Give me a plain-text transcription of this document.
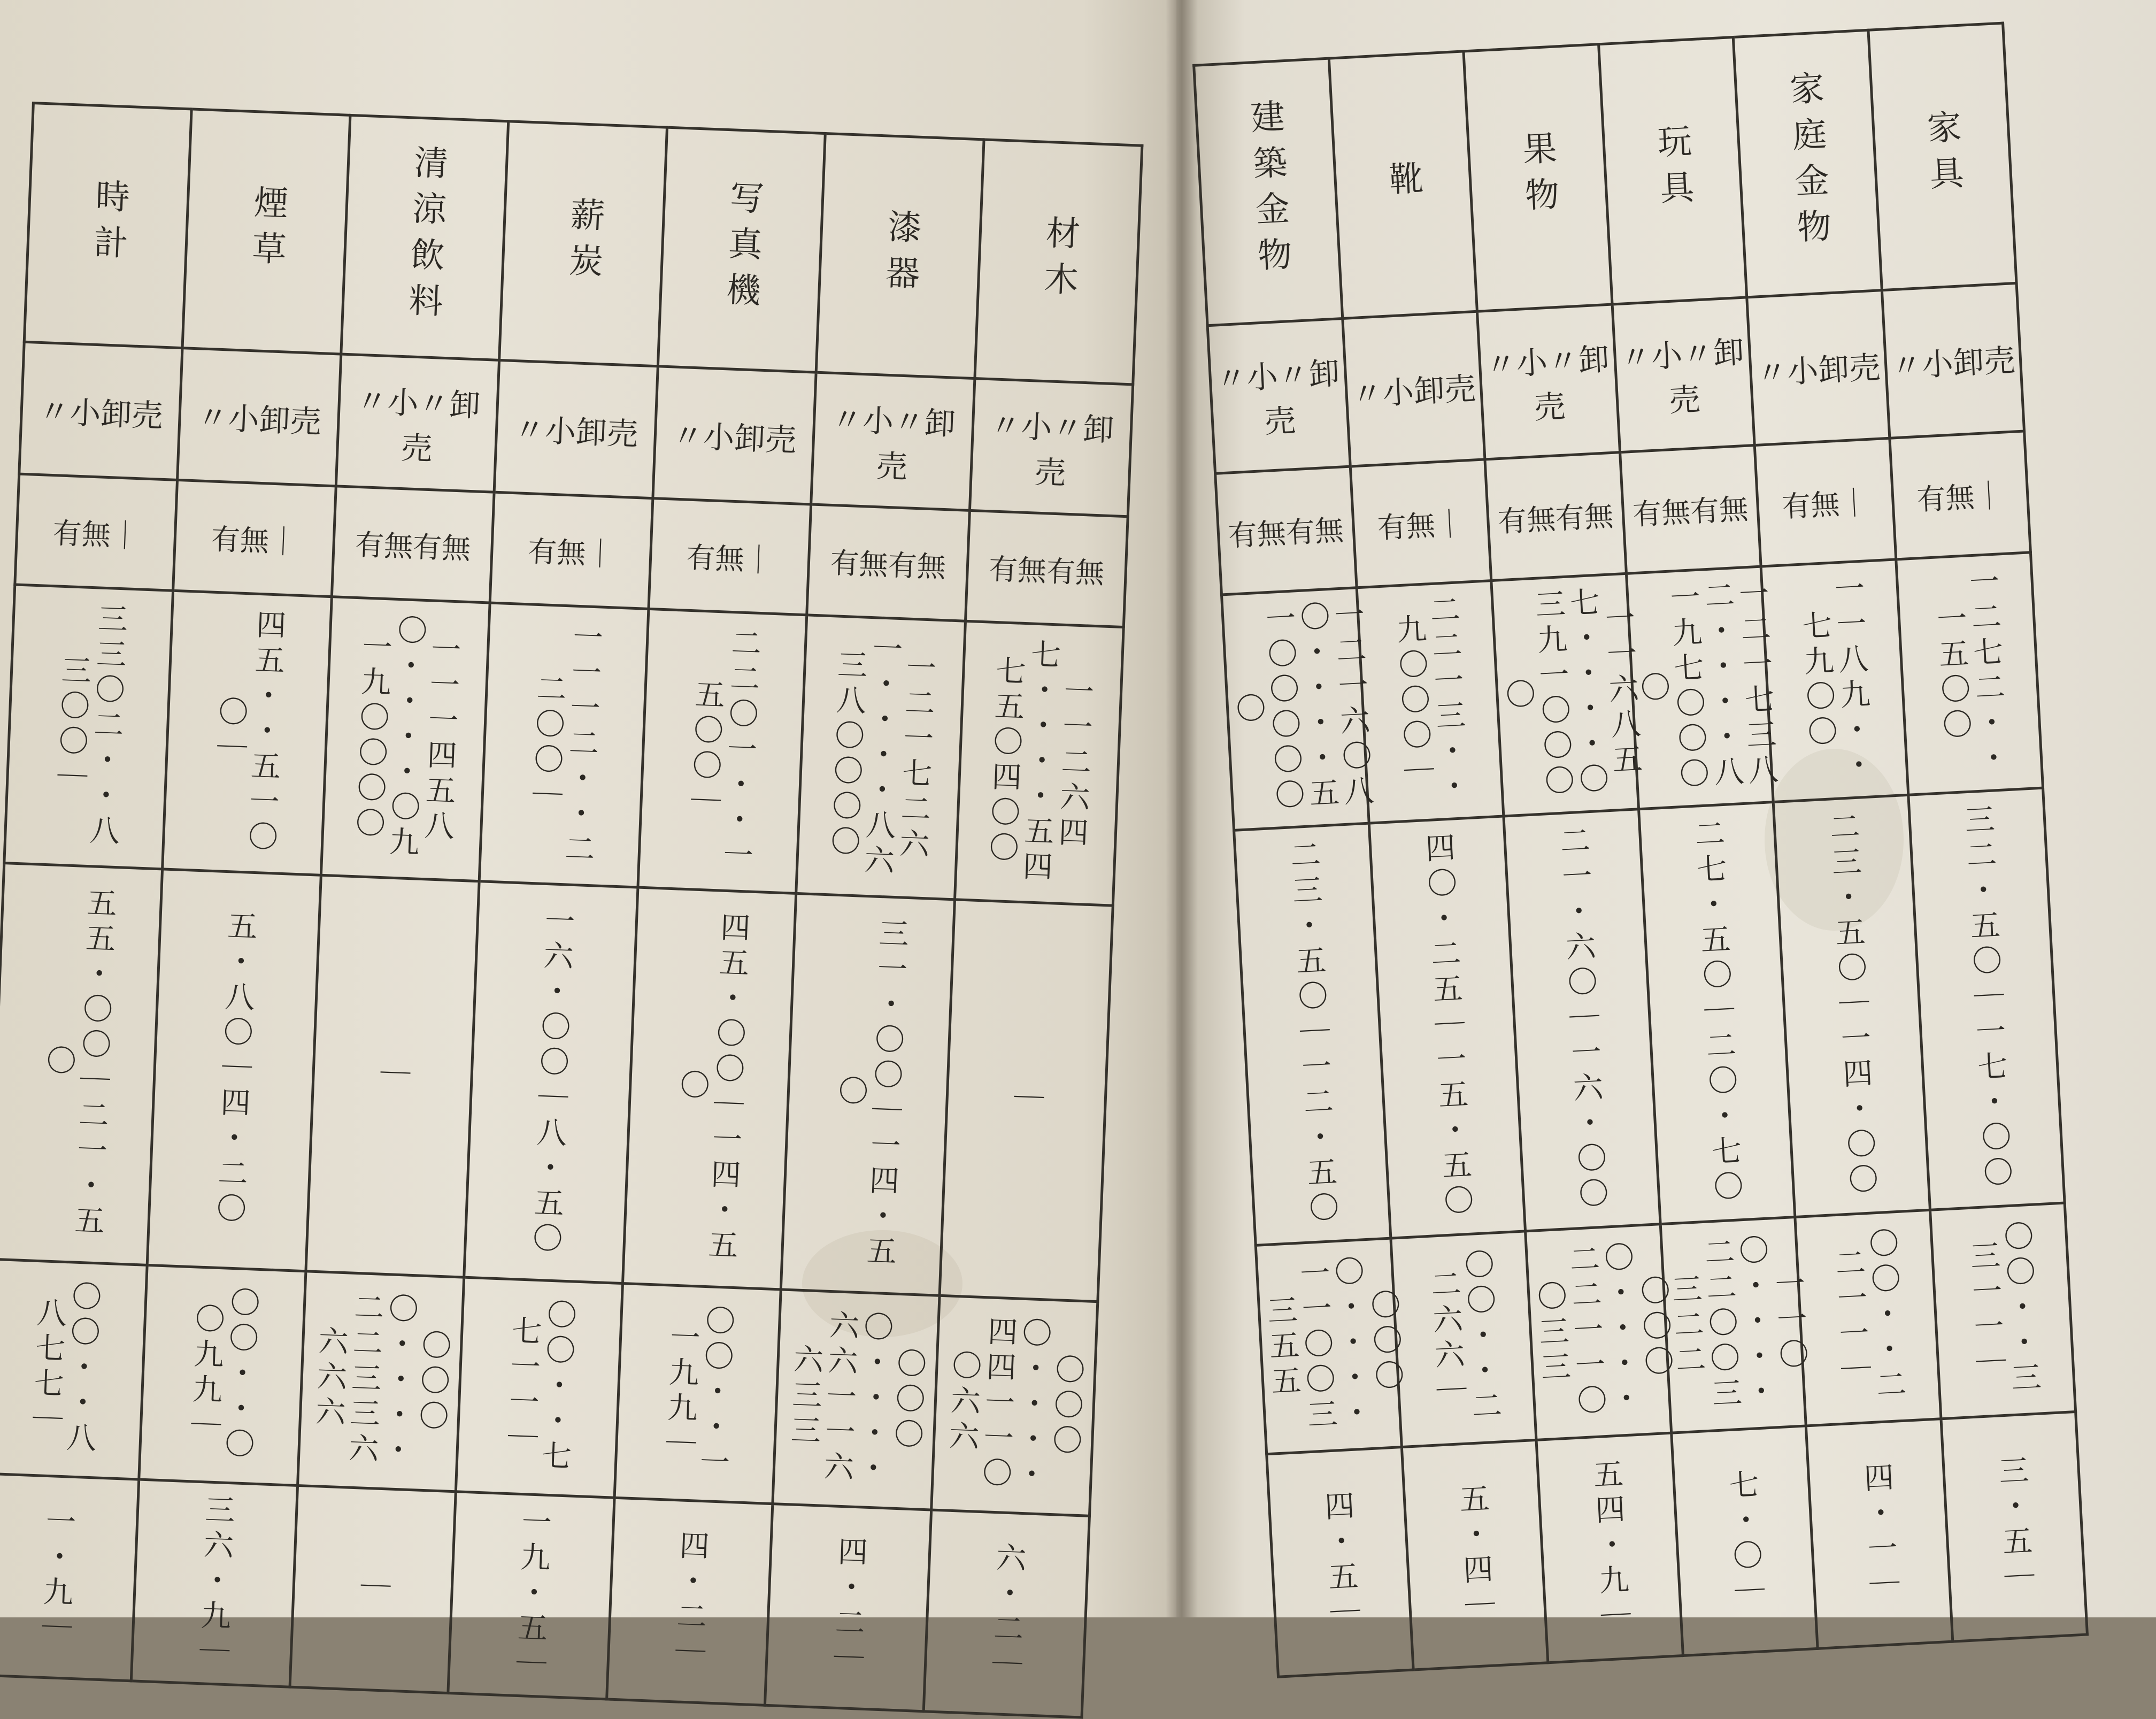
時計	煙草	清涼飲料	薪炭	写真機	漆器	材木
〃小卸売	〃小卸売	〃小〃卸売	〃小卸売	〃小卸売	〃小〃卸売	〃小〃卸売
有無｜	有無｜	有無有無	有無｜	有無｜	有無有無	有無有無
三三〇二・・八三〇〇｜	四五・・五一〇〇｜	一一一四五八〇・・・・〇九一九〇〇〇〇	一一一二・・二二〇〇｜	二二〇一・・一五〇〇｜	一二一七二六一・・・・八六三八〇〇〇〇	一一二六四七・・・・五四七五〇四〇〇
五五・〇〇｜二一・五〇	五・八〇｜四・二〇	｜	一六・〇〇｜八・五〇	四五・〇〇｜一四・五〇	三一・〇〇｜一四・五〇	｜
〇〇・・八八七七｜	〇〇・・〇〇九九｜	〇〇〇〇・・・・二二三三六六六六	〇〇・・七七一一｜	〇〇・・一一九九｜	〇〇〇〇・・・・六六一一六六三三	〇〇〇〇・・・・四四一一〇〇六六
一・九｜	三六・九｜	｜	一九・五｜	四・二｜	四・二｜	六・二｜
建築金物	靴	果物	玩具	家庭金物	家具
〃小〃卸売	〃小卸売	〃小〃卸売	〃小〃卸売	〃小卸売	〃小卸売
有無有無	有無｜	有無有無	有無有無	有無｜	有無｜
一二一六〇八〇・・・・五一〇〇〇〇〇〇	二二一三・・九〇〇〇｜	一一六八五七・・・・〇三九一〇〇〇〇	一二一七三八二・・・・八一九七〇〇〇〇	一一八九・・七九〇〇	一二七二・・一五〇〇
二三・五〇｜一二・五〇	四〇・二五｜一五・五〇	二一・六〇｜一六・〇〇	二七・五〇｜二〇・七〇	二三・五〇｜一四・〇〇	三二・五〇｜一七・〇〇
〇〇〇〇・・・・一一〇〇三三五五	〇〇・・二二六六｜	〇〇〇〇・・・・二二一一〇〇三三	一一〇〇・・・・二二〇〇三三二二	〇〇・・二二一一｜	〇〇・・三三一一｜
四・五｜	五・四｜	五四・九｜	七・〇｜	四・一｜	三・五｜
